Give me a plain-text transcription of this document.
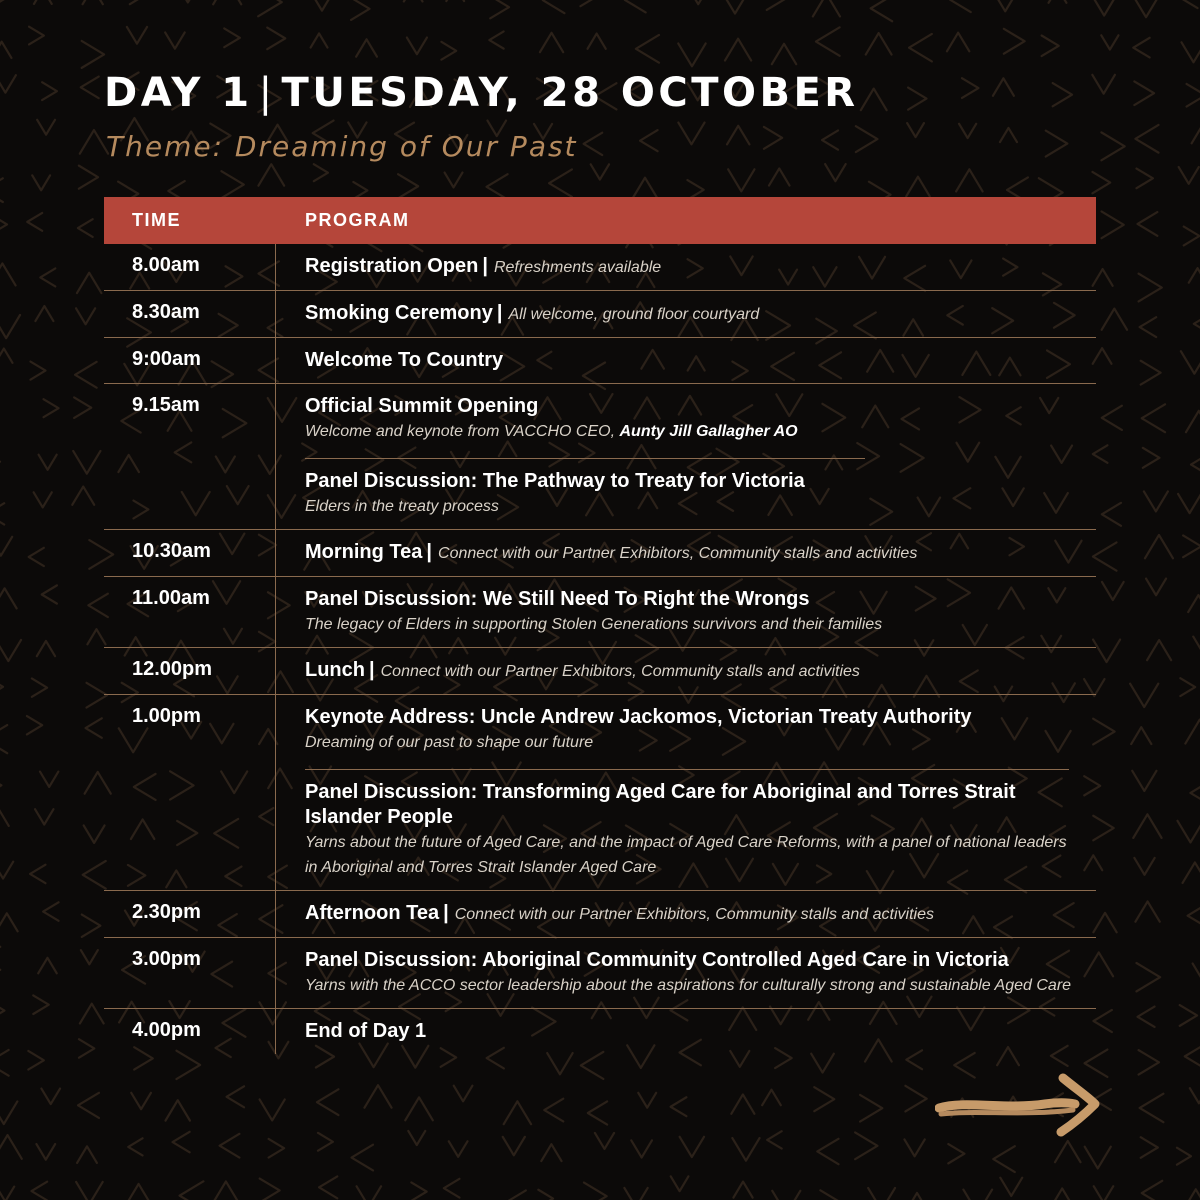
DAY 1 | TUESDAY, 28 OCTOBER
Theme: Dreaming of Our Past
TIME	PROGRAM
8.00am	Registration Open | Refreshments available
8.30am	Smoking Ceremony | All welcome, ground floor courtyard
9:00am	Welcome To Country
9.15am	Official Summit Opening
Welcome and keynote from VACCHO CEO, Aunty Jill Gallagher AO
Panel Discussion: The Pathway to Treaty for Victoria
Elders in the treaty process
10.30am	Morning Tea | Connect with our Partner Exhibitors, Community stalls and activities
11.00am	Panel Discussion: We Still Need To Right the Wrongs
The legacy of Elders in supporting Stolen Generations survivors and their families
12.00pm	Lunch | Connect with our Partner Exhibitors, Community stalls and activities
1.00pm	Keynote Address: Uncle Andrew Jackomos, Victorian Treaty Authority
Dreaming of our past to shape our future
Panel Discussion: Transforming Aged Care for Aboriginal and Torres Strait Islander People
Yarns about the future of Aged Care, and the impact of Aged Care Reforms, with a panel of national leaders in Aboriginal and Torres Strait Islander Aged Care
2.30pm	Afternoon Tea | Connect with our Partner Exhibitors, Community stalls and activities
3.00pm	Panel Discussion: Aboriginal Community Controlled Aged Care in Victoria
Yarns with the ACCO sector leadership about the aspirations for culturally strong and sustainable Aged Care
4.00pm	End of Day 1
